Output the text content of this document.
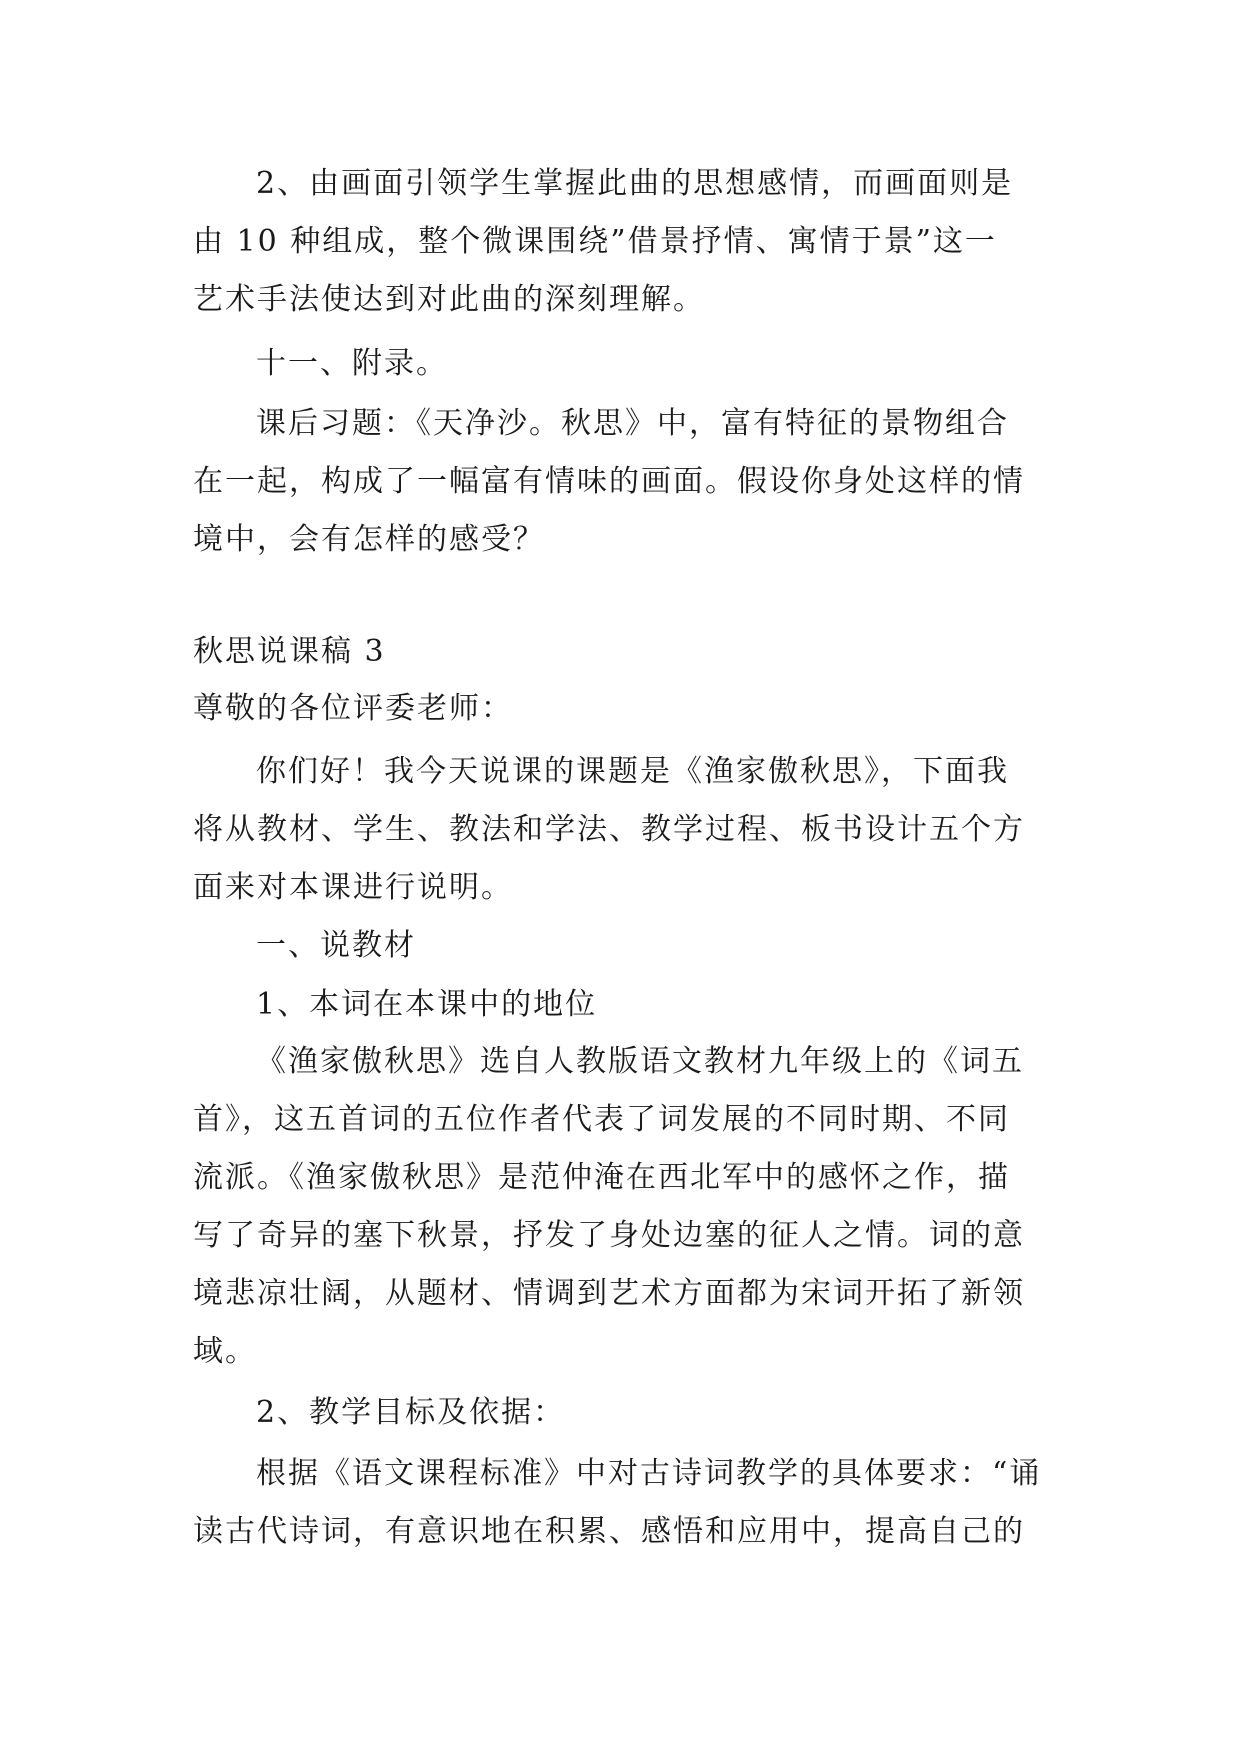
2、由画面引领学生掌握此曲的思想感情，而画面则是
由 10 种组成，整个微课围绕”借景抒情、寓情于景”这一
艺术手法使达到对此曲的深刻理解。
十一、附录。
课后习题：《天净沙。秋思》中，富有特征的景物组合
在一起，构成了一幅富有情味的画面。假设你身处这样的情
境中，会有怎样的感受？
秋思说课稿 3
尊敬的各位评委老师：
你们好！我今天说课的课题是《渔家傲秋思》，下面我
将从教材、学生、教法和学法、教学过程、板书设计五个方
面来对本课进行说明。
一、说教材
1、本词在本课中的地位
《渔家傲秋思》选自人教版语文教材九年级上的《词五
首》，这五首词的五位作者代表了词发展的不同时期、不同
流派。《渔家傲秋思》是范仲淹在西北军中的感怀之作，描
写了奇异的塞下秋景，抒发了身处边塞的征人之情。词的意
境悲凉壮阔，从题材、情调到艺术方面都为宋词开拓了新领
域。
2、教学目标及依据：
根据《语文课程标准》中对古诗词教学的具体要求：“诵
读古代诗词，有意识地在积累、感悟和应用中，提高自己的
